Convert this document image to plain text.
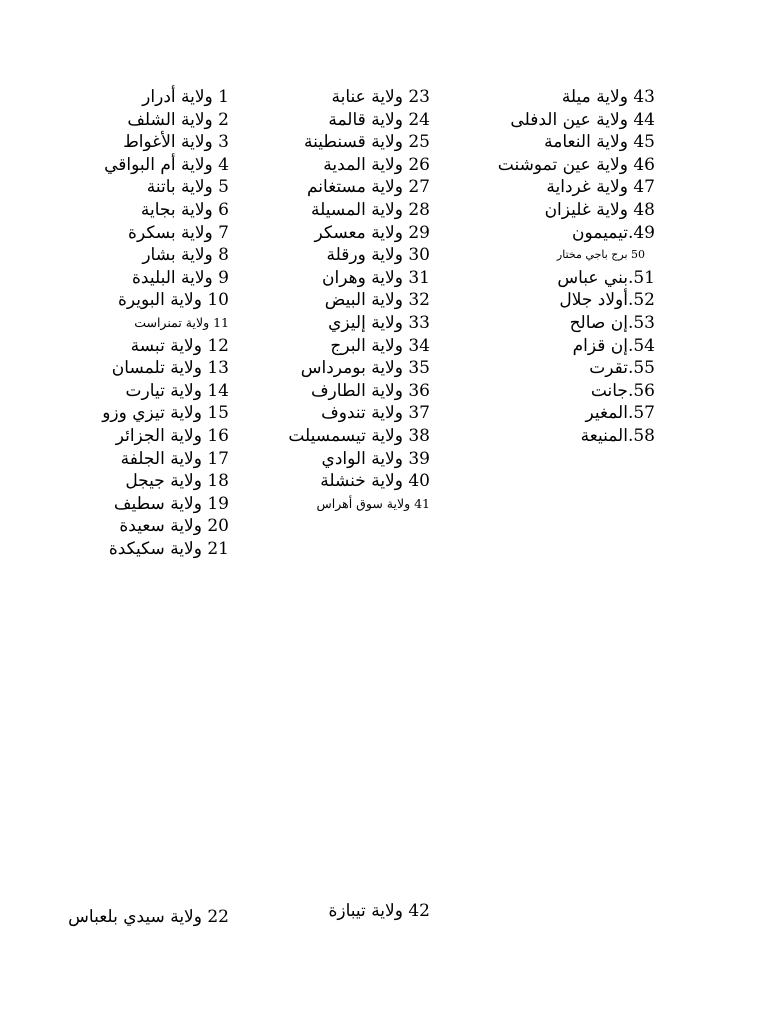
1 ولاية أدرار
2 ولاية الشلف
3 ولاية الأغواط
4 ولاية أم البواقي
5 ولاية باتنة
6 ولاية بجاية
7 ولاية بسكرة
8 ولاية بشار
9 ولاية البليدة
10 ولاية البويرة
11 ولاية تمنراست
12 ولاية تبسة
13 ولاية تلمسان
14 ولاية تيارت
15 ولاية تيزي وزو
16 ولاية الجزائر
17 ولاية الجلفة
18 ولاية جيجل
19 ولاية سطيف
20 ولاية سعيدة
21 ولاية سكيكدة
23 ولاية عنابة
24 ولاية قالمة
25 ولاية قسنطينة
26 ولاية المدية
27 ولاية مستغانم
28 ولاية المسيلة
29 ولاية معسكر
30 ولاية ورقلة
31 ولاية وهران
32 ولاية البيض
33 ولاية إليزي
34 ولاية البرج
35 ولاية بومرداس
36 ولاية الطارف
37 ولاية تندوف
38 ولاية تيسمسيلت
39 ولاية الوادي
40 ولاية خنشلة
41 ولاية سوق أهراس
43 ولاية ميلة
44 ولاية عين الدفلى
45 ولاية النعامة
46 ولاية عين تموشنت
47 ولاية غرداية
48 ولاية غليزان
49.تيميمون
50 برج باجي مختار
51.بني عباس
52.أولاد جلال
53.إن صالح
54.إن قزام
55.تقرت
56.جانت
57.المغير
58.المنيعة
22 ولاية سيدي بلعباس	42 ولاية تيبازة
